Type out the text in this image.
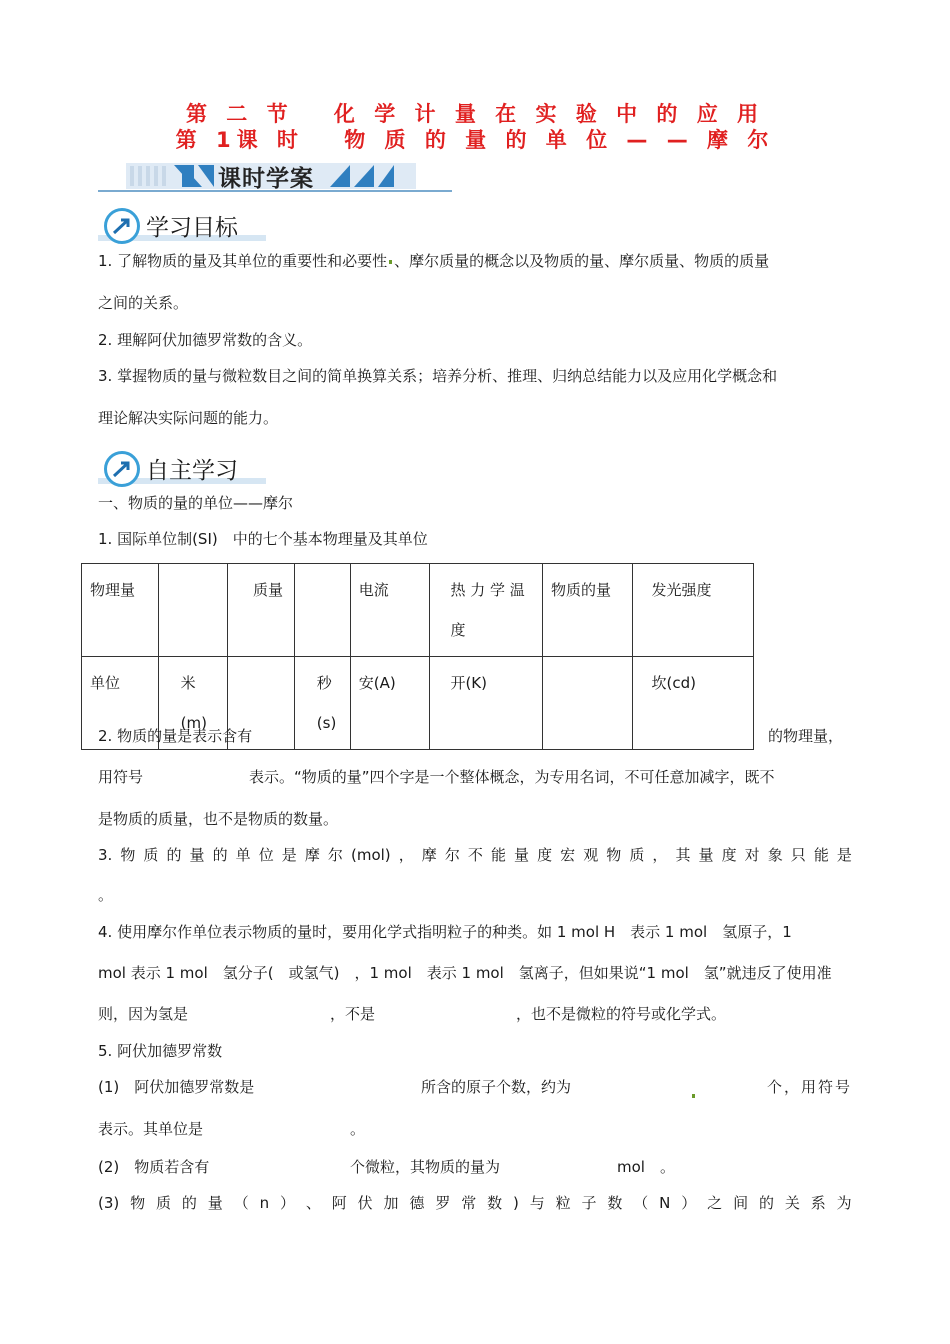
第 二 节　 化 学 计 量 在 实 验 中 的 应 用
第 1课 时　 物 质 的 量 的 单 位 — — 摩 尔
课时学案
学习目标
1. 了解物质的量及其单位的重要性和必要性 、摩尔质量的概念以及物质的量、摩尔质量、物质的质量
之间的关系。
2. 理解阿伏加德罗常数的含义。
3. 掌握物质的量与微粒数目之间的简单换算关系；培养分析、推理、归纳总结能力以及应用化学概念和
理论解决实际问题的能力。
自主学习
一、物质的量的单位——摩尔
1. 国际单位制(SI)　中的七个基本物理量及其单位
物理量		质量		电流	热 力 学 温 度	物质的量	发光强度
单位	米 (m)		秒 (s)	安(A)	开(K)		坎(cd)
2. 物质的量是表示含有	的物理量，
用符号	表示。“物质的量”四个字是一个整体概念，为专用名词，不可任意加减字，既不
是物质的质量，也不是物质的数量。
3. 物 质 的 量 的 单 位 是 摩 尔 (mol) ， 摩 尔 不 能 量 度 宏 观 物 质 ， 其 量 度 对 象 只 能 是
。
4. 使用摩尔作单位表示物质的量时，要用化学式指明粒子的种类。如 1 mol H　表示 1 mol　氢原子，1
mol 表示 1 mol　氢分子(　或氢气)　，1 mol　表示 1 mol　氢离子，但如果说“1 mol　氢”就违反了使用准
则，因为氢是	，不是	，也不是微粒的符号或化学式。
5. 阿伏加德罗常数
(1)　阿伏加德罗常数是	所含的原子个数，约为	个，用符号
表示。其单位是	。
(2)　物质若含有	个微粒，其物质的量为	mol　。
(3) 物 质 的 量 （ n ） 、 阿 伏 加 德 罗 常 数 ) 与 粒 子 数 （ N ） 之 间 的 关 系 为
